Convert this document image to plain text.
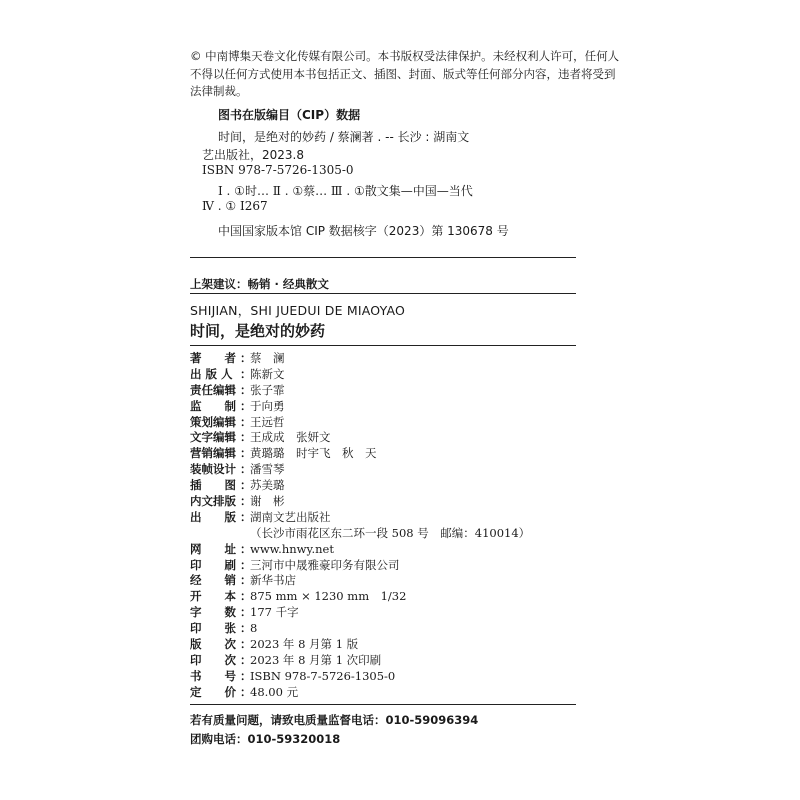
© 中南博集天卷文化传媒有限公司。本书版权受法律保护。未经权利人许可，任何人不得以任何方式使用本书包括正文、插图、封面、版式等任何部分内容，违者将受到法律制裁。
图书在版编目（CIP）数据
时间，是绝对的妙药 / 蔡澜著 . -- 长沙 : 湖南文
艺出版社，2023.8
ISBN 978-7-5726-1305-0
Ⅰ . ①时… Ⅱ . ①蔡… Ⅲ . ①散文集—中国—当代
Ⅳ . ① I267
中国国家版本馆 CIP 数据核字（2023）第 130678 号
上架建议：畅销 · 经典散文
SHIJIAN，SHI JUEDUI DE MIAOYAO
时间，是绝对的妙药
著　　者 ：
蔡　澜
出 版 人 ：
陈新文
责任编辑 ：
张子霏
监　　制 ：
于向勇
策划编辑 ：
王远哲
文字编辑 ：
王成成　张妍文
营销编辑 ：
黄璐璐　时宇飞　秋　天
装帧设计 ：
潘雪琴
插　　图 ：
苏美璐
内文排版 ：
谢　彬
出　　版 ：
湖南文艺出版社
（长沙市雨花区东二环一段 508 号　邮编：410014）
网　　址 ：
www.hnwy.net
印　　刷 ：
三河市中晟雅豪印务有限公司
经　　销 ：
新华书店
开　　本 ：
875 mm × 1230 mm　1/32
字　　数 ：
177 千字
印　　张 ：
8
版　　次 ：
2023 年 8 月第 1 版
印　　次 ：
2023 年 8 月第 1 次印刷
书　　号 ：
ISBN 978-7-5726-1305-0
定　　价 ：
48.00 元
若有质量问题，请致电质量监督电话：010-59096394
团购电话：010-59320018
